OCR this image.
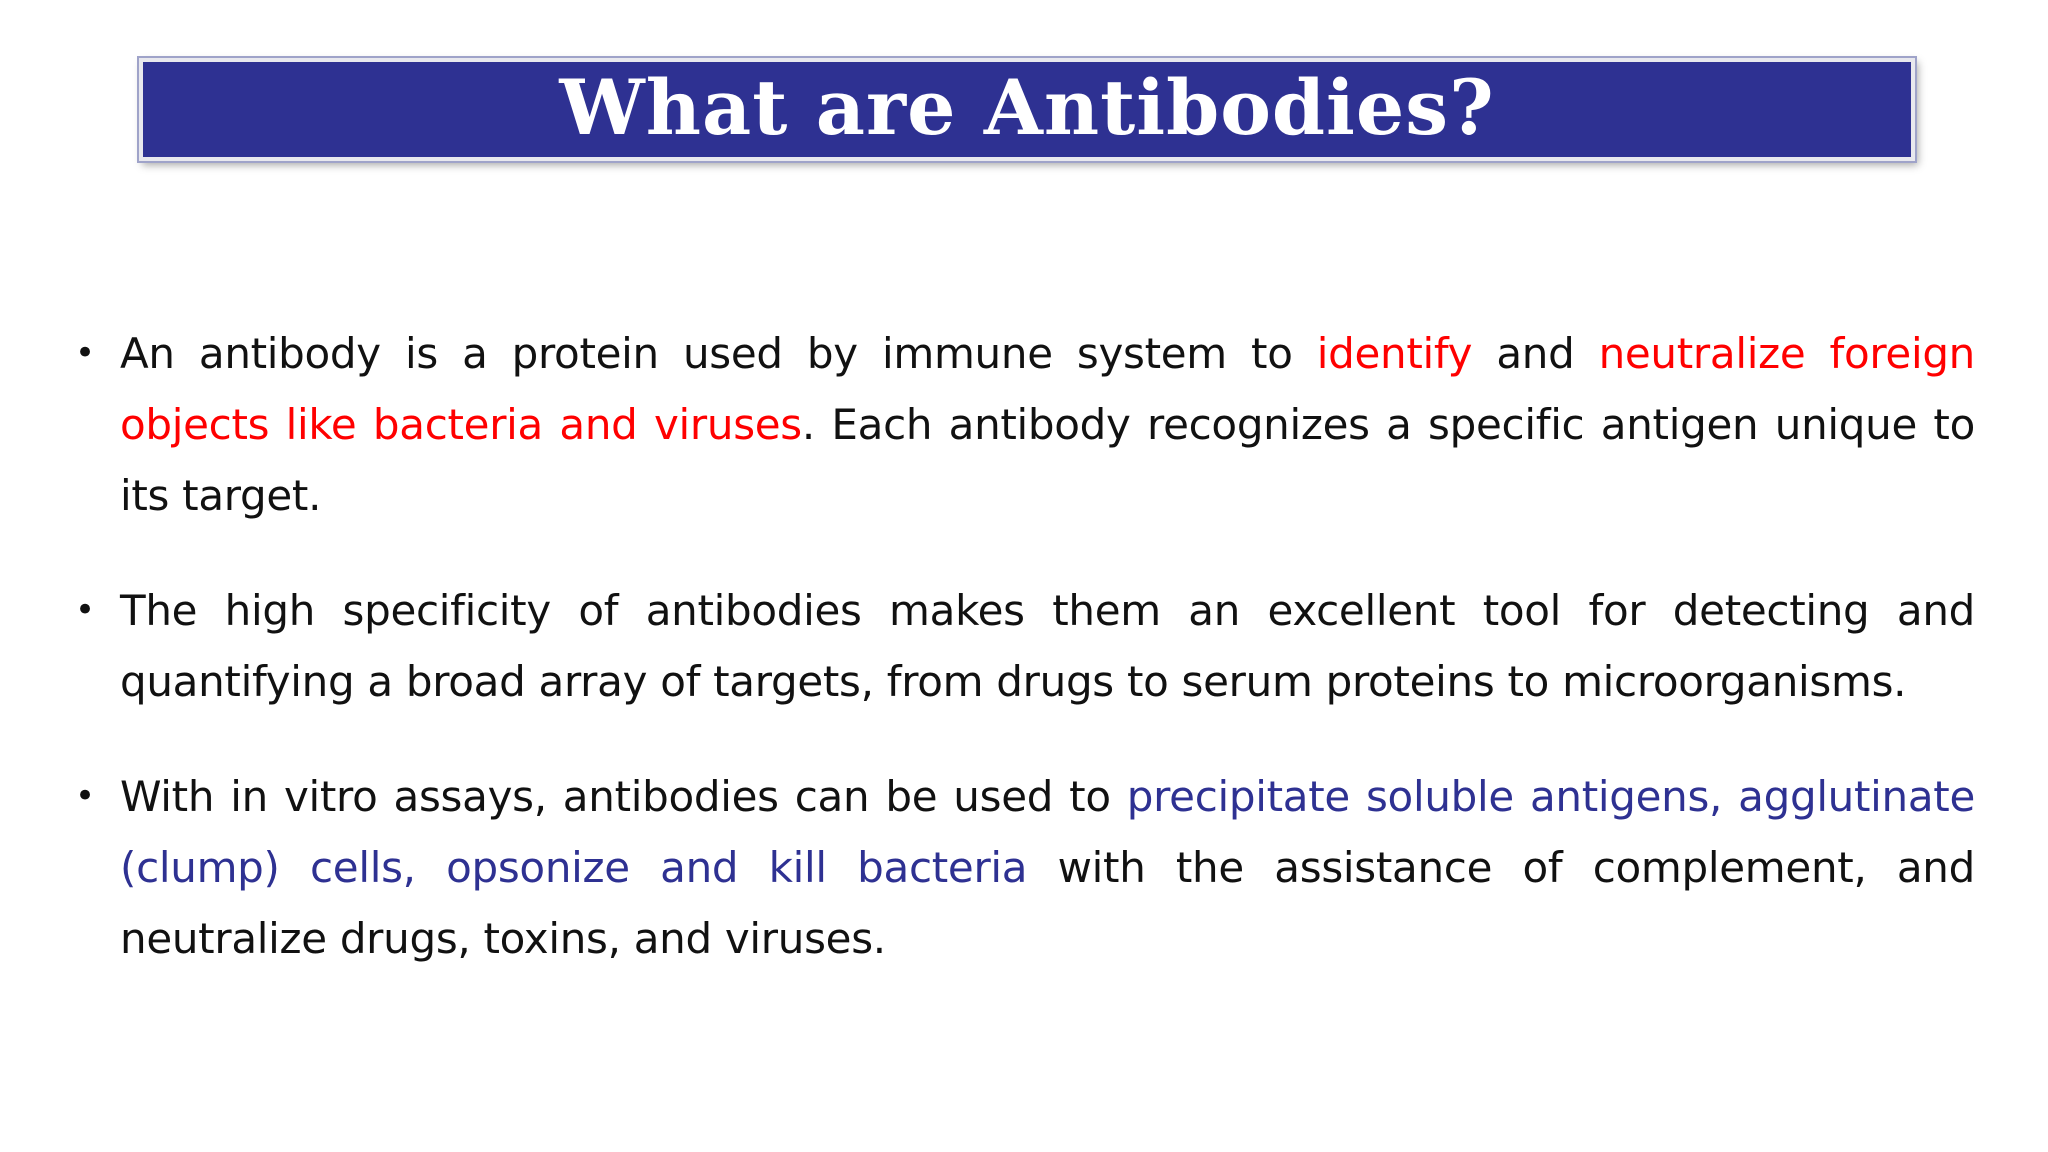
What are Antibodies?
• An antibody is a protein used by immune system to identify and neutralize foreign objects like bacteria and viruses. Each antibody recognizes a specific antigen unique to its target.
• The high specificity of antibodies makes them an excellent tool for detecting and quantifying a broad array of targets, from drugs to serum proteins to microorganisms.
• With in vitro assays, antibodies can be used to precipitate soluble antigens, agglutinate (clump) cells, opsonize and kill bacteria with the assistance of complement, and neutralize drugs, toxins, and viruses.
